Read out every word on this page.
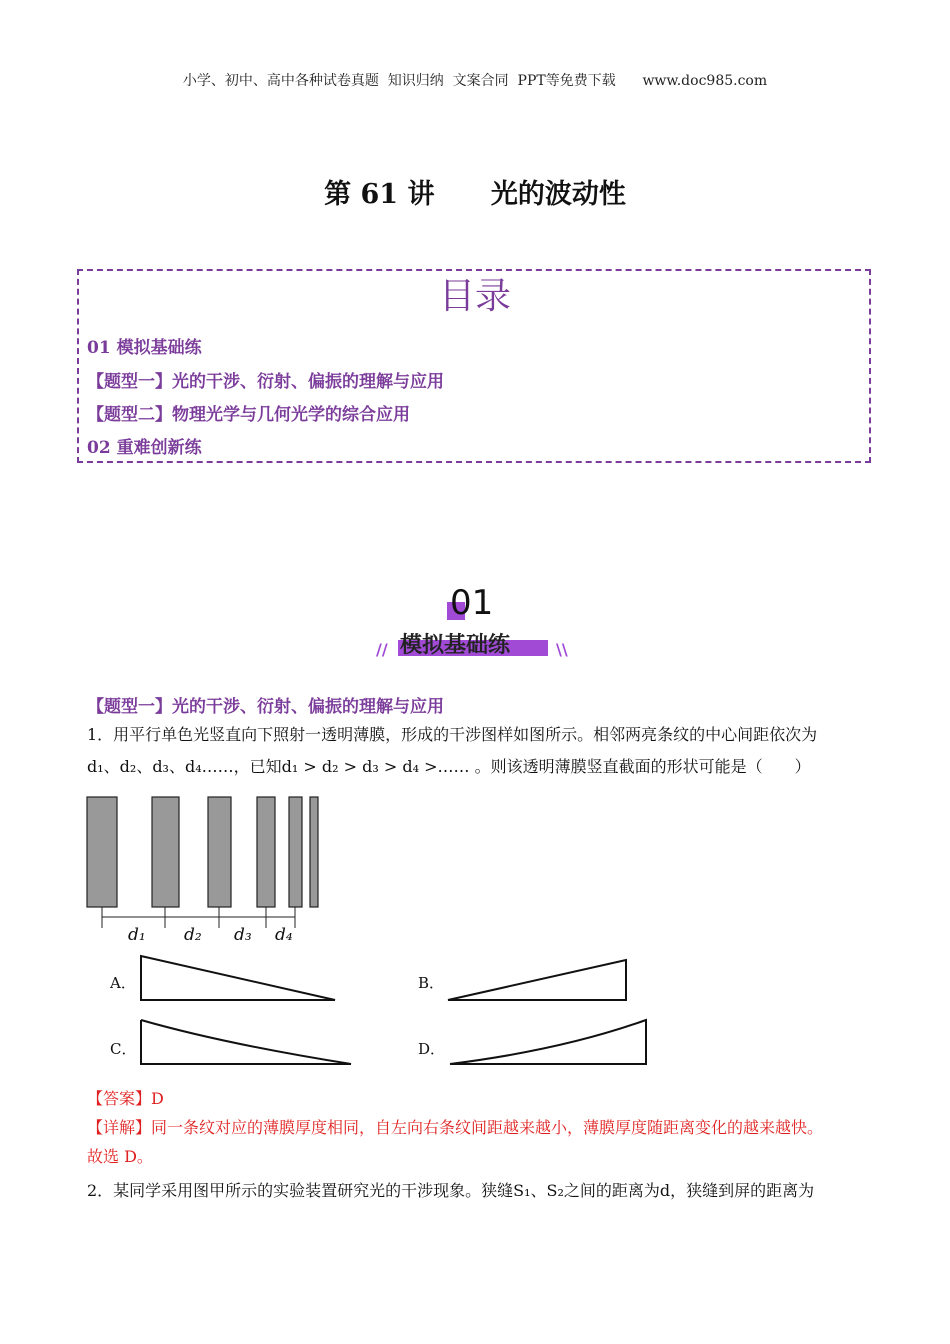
小学、初中、高中各种试卷真题  知识归纳  文案合同  PPT等免费下载      www.doc985.com
第 61 讲      光的波动性
目录
01 模拟基础练
【题型一】光的干涉、衍射、偏振的理解与应用
【题型二】物理光学与几何光学的综合应用
02 重难创新练
01
//	\\
模拟基础练
【题型一】光的干涉、衍射、偏振的理解与应用
1．用平行单色光竖直向下照射一透明薄膜，形成的干涉图样如图所示。相邻两亮条纹的中心间距依次为
d₁、d₂、d₃、d₄……，已知d₁ > d₂ > d₃ > d₄ >…… 。则该透明薄膜竖直截面的形状可能是（　　）
d₁ d₂ d₃ d₄
A．	B．
C．	D．
【答案】D
【详解】同一条纹对应的薄膜厚度相同，自左向右条纹间距越来越小，薄膜厚度随距离变化的越来越快。
故选 D。
2．某同学采用图甲所示的实验装置研究光的干涉现象。狭缝S₁、S₂之间的距离为d，狭缝到屏的距离为
